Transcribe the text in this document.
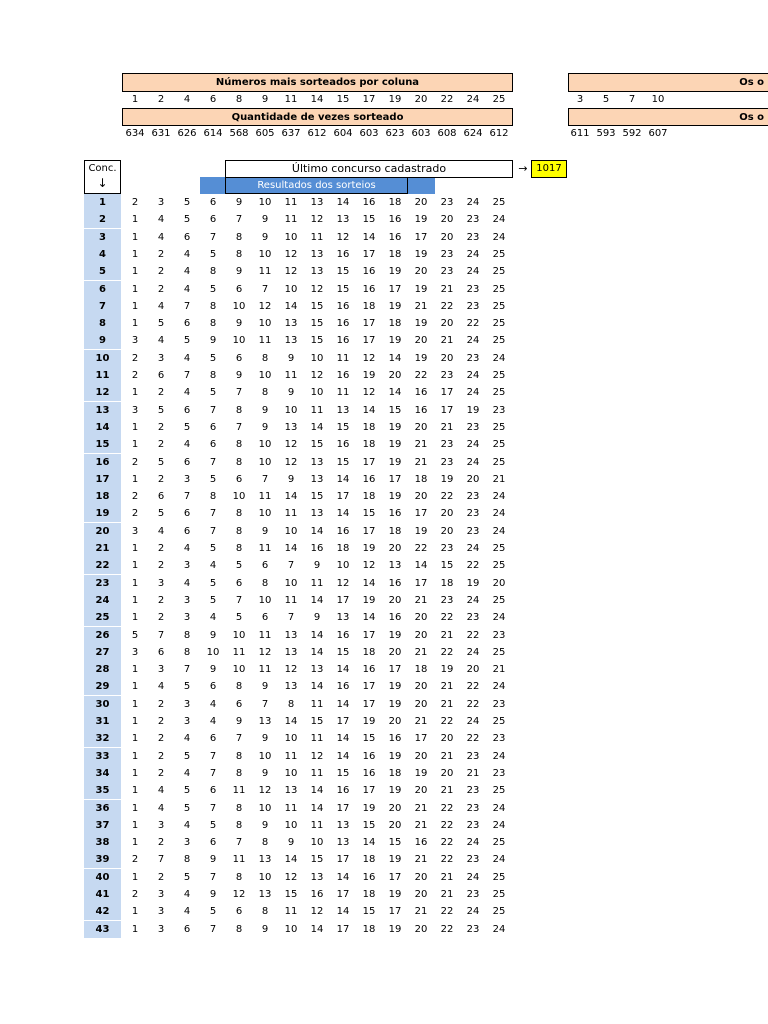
Números mais sorteados por coluna
1	2	4	6	8	9	11	14	15	17	19	20	22	24	25
Quantidade de vezes sorteado
634 631 626 614 568 605 637 612 604 603 623 603 608 624 612
Os o
Os o
3	5	7	10
611 593 592 607
Conc.
↓
Último concurso cadastrado	→ 1017
Resultados dos sorteios
1	2	3	5	6	9	10	11	13	14	16	18	20	23	24	25
2	1	4	5	6	7	9	11	12	13	15	16	19	20	23	24
3	1	4	6	7	8	9	10	11	12	14	16	17	20	23	24
4	1	2	4	5	8	10	12	13	16	17	18	19	23	24	25
5	1	2	4	8	9	11	12	13	15	16	19	20	23	24	25
6	1	2	4	5	6	7	10	12	15	16	17	19	21	23	25
7	1	4	7	8	10	12	14	15	16	18	19	21	22	23	25
8	1	5	6	8	9	10	13	15	16	17	18	19	20	22	25
9	3	4	5	9	10	11	13	15	16	17	19	20	21	24	25
10	2	3	4	5	6	8	9	10	11	12	14	19	20	23	24
11	2	6	7	8	9	10	11	12	16	19	20	22	23	24	25
12	1	2	4	5	7	8	9	10	11	12	14	16	17	24	25
13	3	5	6	7	8	9	10	11	13	14	15	16	17	19	23
14	1	2	5	6	7	9	13	14	15	18	19	20	21	23	25
15	1	2	4	6	8	10	12	15	16	18	19	21	23	24	25
16	2	5	6	7	8	10	12	13	15	17	19	21	23	24	25
17	1	2	3	5	6	7	9	13	14	16	17	18	19	20	21
18	2	6	7	8	10	11	14	15	17	18	19	20	22	23	24
19	2	5	6	7	8	10	11	13	14	15	16	17	20	23	24
20	3	4	6	7	8	9	10	14	16	17	18	19	20	23	24
21	1	2	4	5	8	11	14	16	18	19	20	22	23	24	25
22	1	2	3	4	5	6	7	9	10	12	13	14	15	22	25
23	1	3	4	5	6	8	10	11	12	14	16	17	18	19	20
24	1	2	3	5	7	10	11	14	17	19	20	21	23	24	25
25	1	2	3	4	5	6	7	9	13	14	16	20	22	23	24
26	5	7	8	9	10	11	13	14	16	17	19	20	21	22	23
27	3	6	8	10	11	12	13	14	15	18	20	21	22	24	25
28	1	3	7	9	10	11	12	13	14	16	17	18	19	20	21
29	1	4	5	6	8	9	13	14	16	17	19	20	21	22	24
30	1	2	3	4	6	7	8	11	14	17	19	20	21	22	23
31	1	2	3	4	9	13	14	15	17	19	20	21	22	24	25
32	1	2	4	6	7	9	10	11	14	15	16	17	20	22	23
33	1	2	5	7	8	10	11	12	14	16	19	20	21	23	24
34	1	2	4	7	8	9	10	11	15	16	18	19	20	21	23
35	1	4	5	6	11	12	13	14	16	17	19	20	21	23	25
36	1	4	5	7	8	10	11	14	17	19	20	21	22	23	24
37	1	3	4	5	8	9	10	11	13	15	20	21	22	23	24
38	1	2	3	6	7	8	9	10	13	14	15	16	22	24	25
39	2	7	8	9	11	13	14	15	17	18	19	21	22	23	24
40	1	2	5	7	8	10	12	13	14	16	17	20	21	24	25
41	2	3	4	9	12	13	15	16	17	18	19	20	21	23	25
42	1	3	4	5	6	8	11	12	14	15	17	21	22	24	25
43	1	3	6	7	8	9	10	14	17	18	19	20	22	23	24
